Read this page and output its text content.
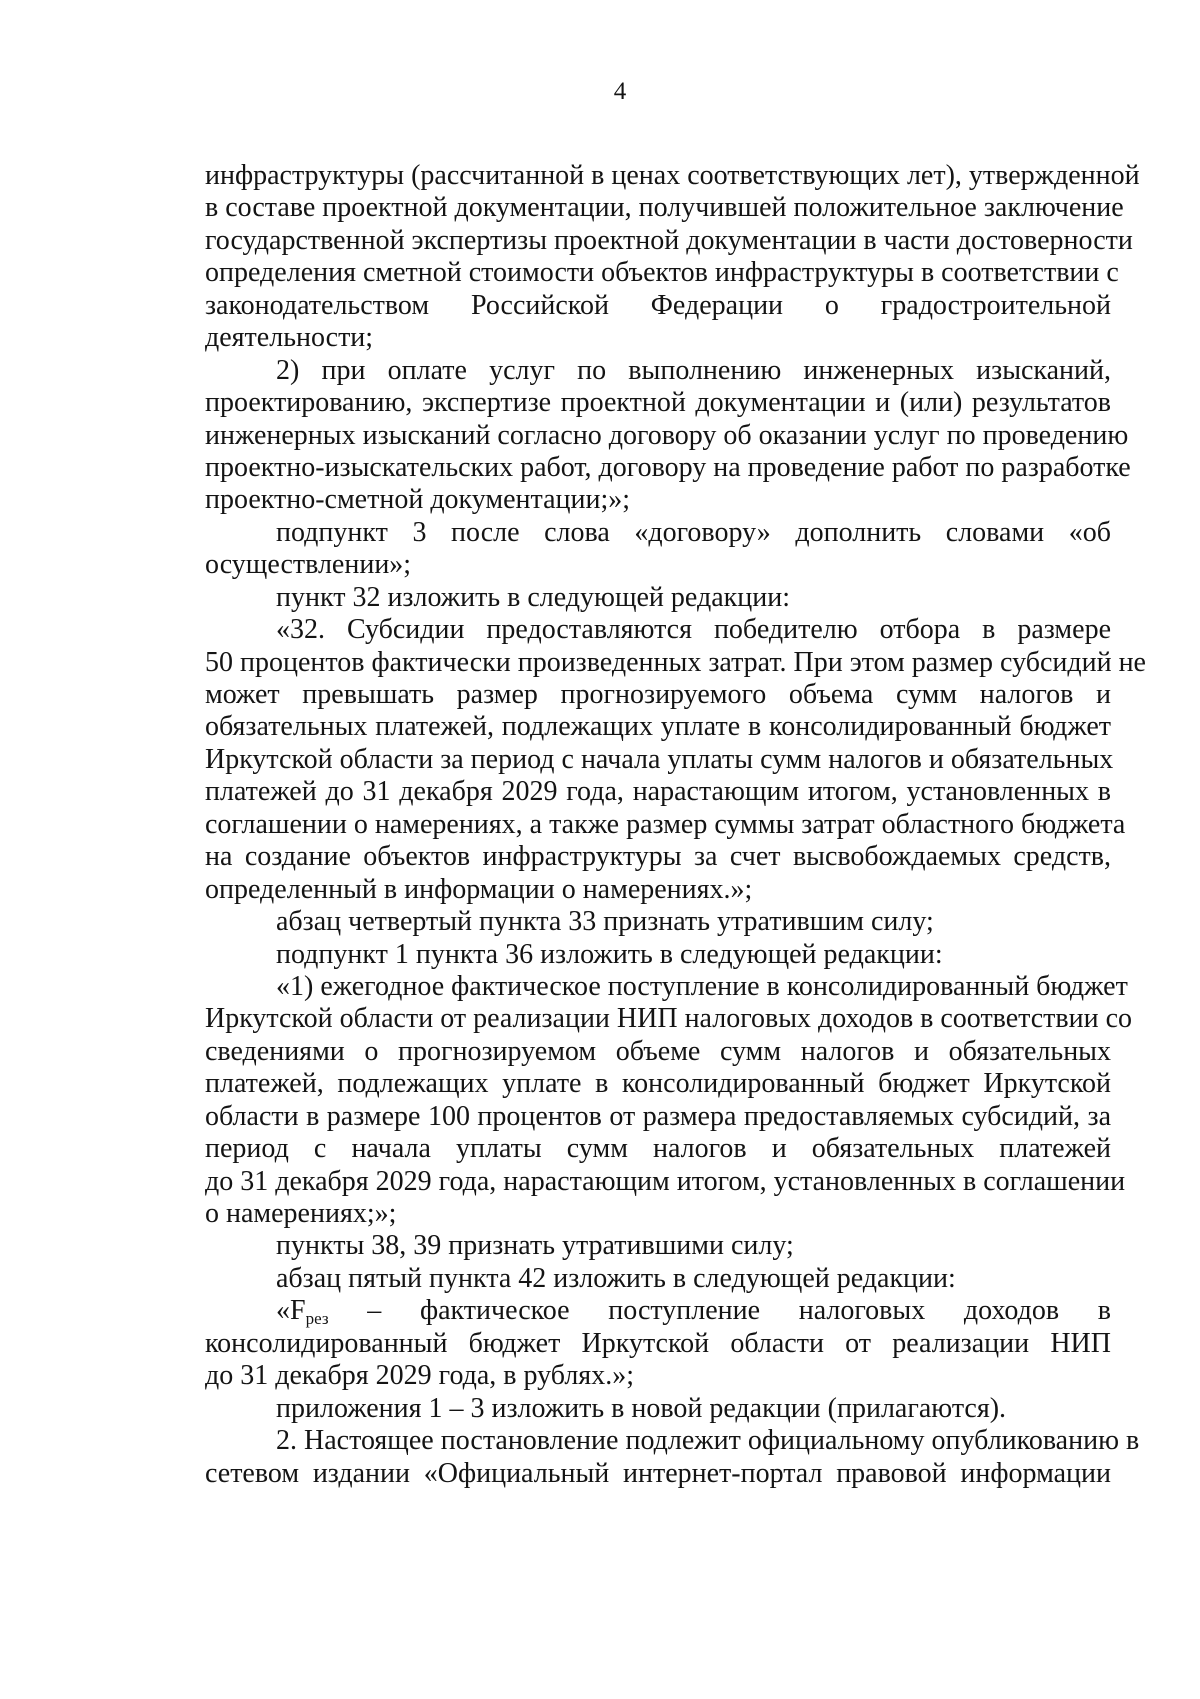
4
инфраструктуры (рассчитанной в ценах соответствующих лет), утвержденной
в составе проектной документации, получившей положительное заключение
государственной экспертизы проектной документации в части достоверности
определения сметной стоимости объектов инфраструктуры в соответствии с
законодательством Российской Федерации о градостроительной
деятельности;
2) при оплате услуг по выполнению инженерных изысканий,
проектированию, экспертизе проектной документации и (или) результатов
инженерных изысканий согласно договору об оказании услуг по проведению
проектно-изыскательских работ, договору на проведение работ по разработке
проектно-сметной документации;»;
подпункт 3 после слова «договору» дополнить словами «об
осуществлении»;
пункт 32 изложить в следующей редакции:
«32. Субсидии предоставляются победителю отбора в размере
50 процентов фактически произведенных затрат. При этом размер субсидий не
может превышать размер прогнозируемого объема сумм налогов и
обязательных платежей, подлежащих уплате в консолидированный бюджет
Иркутской области за период с начала уплаты сумм налогов и обязательных
платежей до 31 декабря 2029 года, нарастающим итогом, установленных в
соглашении о намерениях, а также размер суммы затрат областного бюджета
на создание объектов инфраструктуры за счет высвобождаемых средств,
определенный в информации о намерениях.»;
абзац четвертый пункта 33 признать утратившим силу;
подпункт 1 пункта 36 изложить в следующей редакции:
«1) ежегодное фактическое поступление в консолидированный бюджет
Иркутской области от реализации НИП налоговых доходов в соответствии со
сведениями о прогнозируемом объеме сумм налогов и обязательных
платежей, подлежащих уплате в консолидированный бюджет Иркутской
области в размере 100 процентов от размера предоставляемых субсидий, за
период с начала уплаты сумм налогов и обязательных платежей
до 31 декабря 2029 года, нарастающим итогом, установленных в соглашении
о намерениях;»;
пункты 38, 39 признать утратившими силу;
абзац пятый пункта 42 изложить в следующей редакции:
«$F_{рез}$ – фактическое поступление налоговых доходов в
консолидированный бюджет Иркутской области от реализации НИП
до 31 декабря 2029 года, в рублях.»;
приложения 1 – 3 изложить в новой редакции (прилагаются).
2. Настоящее постановление подлежит официальному опубликованию в
сетевом издании «Официальный интернет-портал правовой информации
